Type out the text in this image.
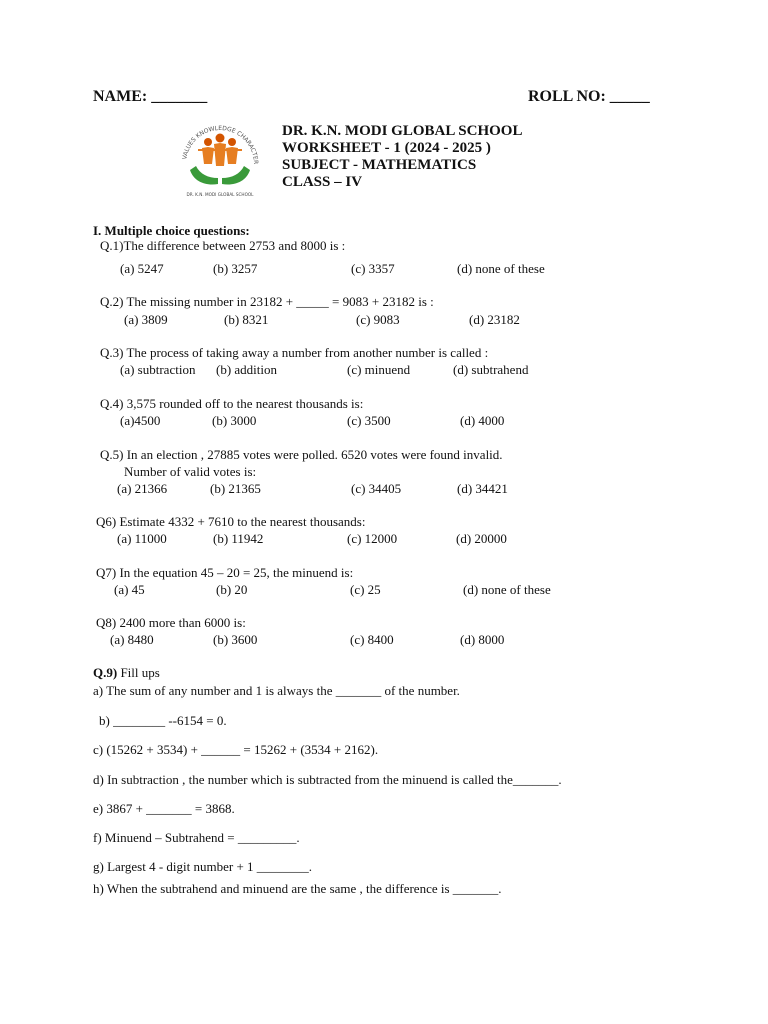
NAME: _______	ROLL NO: _____
VALUES KNOWLEDGE CHARACTER
DR. K.N. MODI GLOBAL SCHOOL
DR. K.N. MODI GLOBAL SCHOOL
WORKSHEET - 1 (2024 - 2025 )
SUBJECT - MATHEMATICS
CLASS – IV
I. Multiple choice questions:
Q.1)The difference between 2753 and 8000 is :
(a) 5247	(b) 3257	(c) 3357	(d) none of these
Q.2) The missing number in 23182 + _____ = 9083 + 23182 is :
(a) 3809	(b) 8321	(c) 9083	(d) 23182
Q.3) The process of taking away a number from another number is called :
(a) subtraction (b) addition	(c) minuend	(d) subtrahend
Q.4) 3,575 rounded off to the nearest thousands is:
(a)4500	(b) 3000	(c) 3500	(d) 4000
Q.5) In an election , 27885 votes were polled. 6520 votes were found invalid.
Number of valid votes is:
(a) 21366	(b) 21365	(c) 34405	(d) 34421
Q6) Estimate 4332 + 7610 to the nearest thousands:
(a) 11000	(b) 11942	(c) 12000	(d) 20000
Q7) In the equation 45 – 20 = 25, the minuend is:
(a) 45	(b) 20	(c) 25	(d) none of these
Q8) 2400 more than 6000 is:
(a) 8480	(b) 3600	(c) 8400	(d) 8000
Q.9) Fill ups
a) The sum of any number and 1 is always the _______ of the number.
b) ________ --6154 = 0.
c) (15262 + 3534) + ______ = 15262 + (3534 + 2162).
d) In subtraction , the number which is subtracted from the minuend is called the_______.
e) 3867 + _______ = 3868.
f) Minuend – Subtrahend = _________.
g) Largest 4 - digit number + 1 ________.
h) When the subtrahend and minuend are the same , the difference is _______.
